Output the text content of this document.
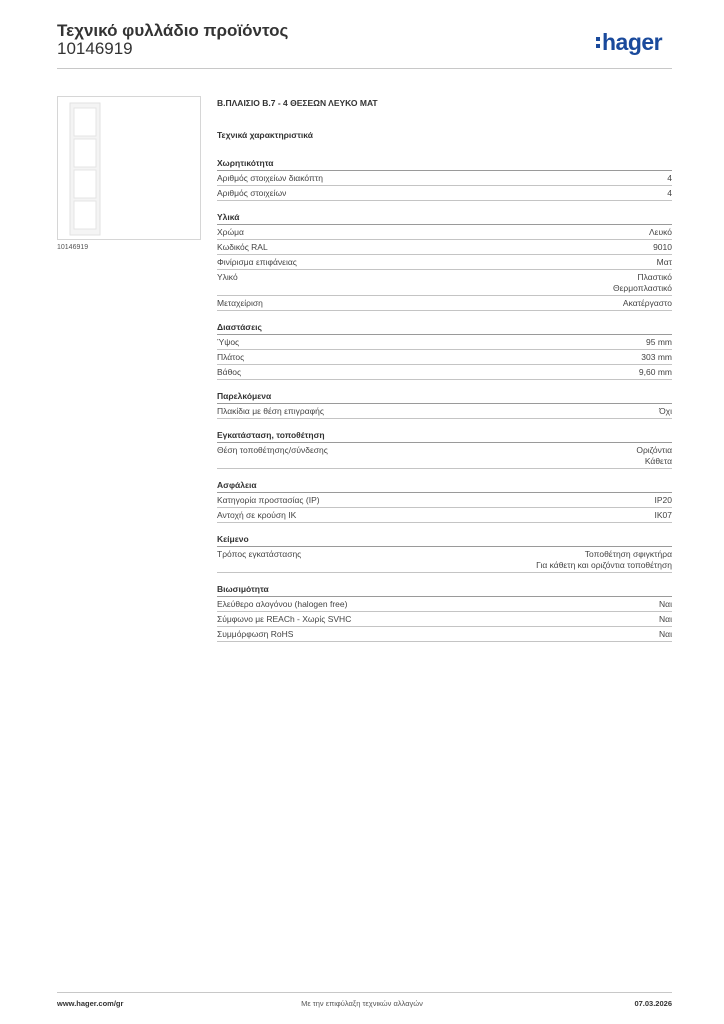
Τεχνικό φυλλάδιο προϊόντος
10146919	hager
10146919
Β.ΠΛΑΙΣΙΟ Β.7 - 4 ΘΕΣΕΩΝ ΛΕΥΚΟ ΜΑΤ
Τεχνικά χαρακτηριστικά
Χωρητικότητα
Αριθμός στοιχείων διακόπτη	4
Αριθμός στοιχείων	4
Υλικά
Χρώμα	Λευκό
Κωδικός RAL	9010
Φινίρισμα επιφάνειας	Ματ
Υλικό	Πλαστικό
Θερμοπλαστικό
Μεταχείριση	Ακατέργαστο
Διαστάσεις
Ύψος	95 mm
Πλάτος	303 mm
Βάθος	9,60 mm
Παρελκόμενα
Πλακίδια με θέση επιγραφής	Όχι
Εγκατάσταση, τοποθέτηση
Θέση τοποθέτησης/σύνδεσης	Οριζόντια
Κάθετα
Ασφάλεια
Κατηγορία προστασίας (IP)	IP20
Αντοχή σε κρούση IK	IK07
Κείμενο
Τρόπος εγκατάστασης	Τοποθέτηση σφιγκτήρα
Για κάθετη και οριζόντια τοποθέτηση
Βιωσιμότητα
Ελεύθερο αλογόνου (halogen free)	Ναι
Σύμφωνο με REACh - Χωρίς SVHC	Ναι
Συμμόρφωση RoHS	Ναι
www.hager.com/gr	Με την επιφύλαξη τεχνικών αλλαγών	07.03.2026
